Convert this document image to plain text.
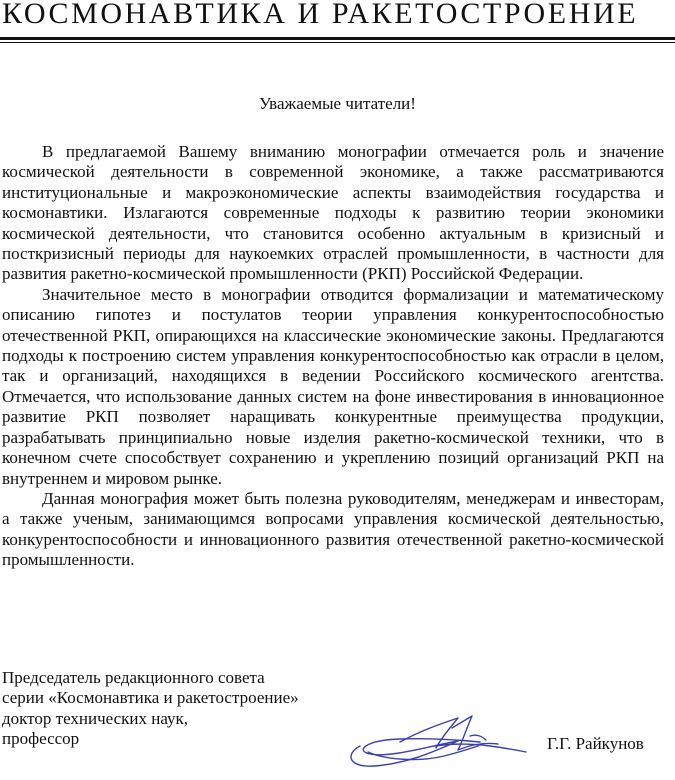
КОСМОНАВТИКА И РАКЕТОСТРОЕНИЕ
Уважаемые читатели!

В предлагаемой Вашему вниманию монографии отмечается роль и значение космической деятельности в современной экономике, а также рассматриваются институциональные и макроэкономические аспекты взаимодействия государства и космонавтики. Излагаются современные подходы к развитию теории экономики космической деятельности, что становится особенно актуальным в кризисный и посткризисный периоды для наукоемких отраслей промышленности, в частности для развития ракетно-космической промышленности (РКП) Российской Федерации.

Значительное место в монографии отводится формализации и математическому описанию гипотез и постулатов теории управления конкурентоспособностью отечественной РКП, опирающихся на классические экономические законы. Предлагаются подходы к построению систем управления конкурентоспособностью как отрасли в целом, так и организаций, находящихся в ведении Российского космического агентства. Отмечается, что использование данных систем на фоне инвестирования в инновационное развитие РКП позволяет наращивать конкурентные преимущества продукции, разрабатывать принципиально новые изделия ракетно-космической техники, что в конечном счете способствует сохранению и укреплению позиций организаций РКП на внутреннем и мировом рынке.

Данная монография может быть полезна руководителям, менеджерам и инвесторам, а также ученым, занимающимся вопросами управления космической деятельностью, конкурентоспособности и инновационного развития отечественной ракетно-космической промышленности.

Председатель редакционного совета
серии «Космонавтика и ракетостроение»
доктор технических наук,
профессор	Г.Г. Райкунов
